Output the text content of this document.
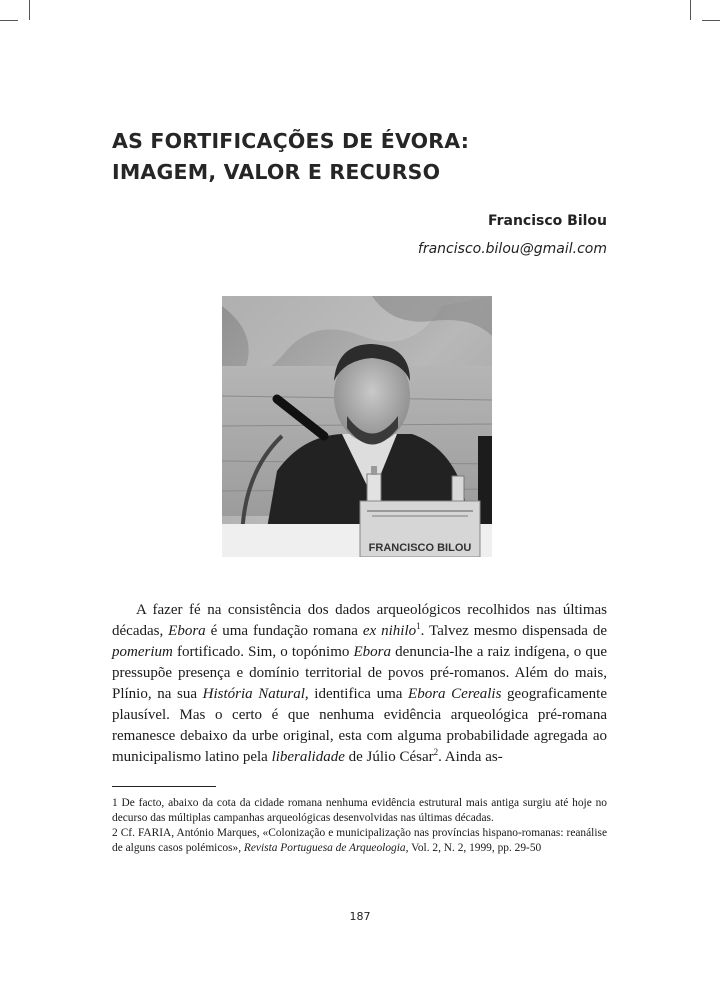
AS FORTIFICAÇÕES DE ÉVORA:
IMAGEM, VALOR E RECURSO
Francisco Bilou
francisco.bilou@gmail.com
FRANCISCO BILOU

A fazer fé na consistência dos dados arqueológicos recolhidos nas últimas décadas, Ebora é uma fundação romana ex nihilo$^1$. Talvez mesmo dispensada de pomerium fortificado. Sim, o topónimo Ebora denuncia-lhe a raiz indígena, o que pressupõe presença e domínio territorial de povos pré-romanos. Além do mais, Plínio, na sua História Natural, identifica uma Ebora Cerealis geograficamente plausível. Mas o certo é que nenhuma evidência arqueológica pré-romana remanesce debaixo da urbe original, esta com alguma probabilidade agregada ao municipalismo latino pela liberalidade de Júlio César$^2$. Ainda as-

1 De facto, abaixo da cota da cidade romana nenhuma evidência estrutural mais antiga surgiu até hoje no decurso das múltiplas campanhas arqueológicas desenvolvidas nas últimas décadas.

2 Cf. FARIA, António Marques, «Colonização e municipalização nas províncias hispano-romanas: reanálise de alguns casos polémicos», Revista Portuguesa de Arqueologia, Vol. 2, N. 2, 1999, pp. 29-50

187
